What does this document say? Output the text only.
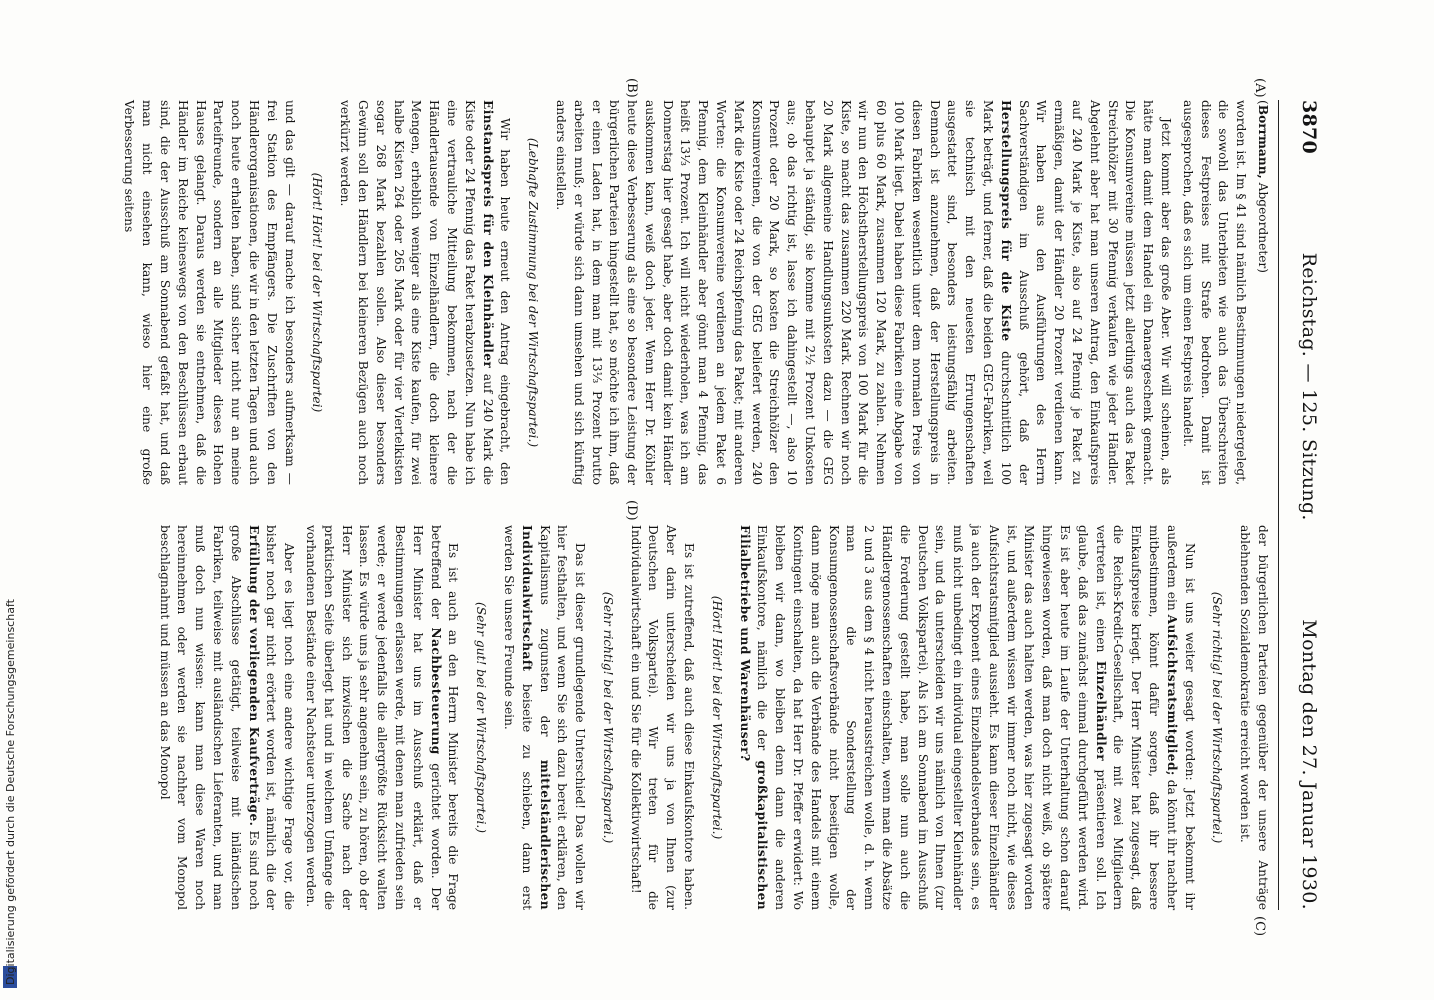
Digitalisierung gefördert durch die Deutsche Forschungsgemeinschaft
3870
Reichstag. — 125. Sitzung.
Montag den 27. Januar 1930.
(A)
(B)
(C)
(D)

(Borrmann, Abgeordneter)

worden ist. Im § 41 sind nämlich Bestimmungen niedergelegt, die sowohl das Unterbieten wie auch das Überschreiten dieses Festpreises mit Strafe bedrohen. Damit ist ausgesprochen, daß es sich um einen Festpreis handelt.

Jetzt kommt aber das große Aber. Wir will scheinen, als hätte man damit dem Handel ein Danaergeschenk gemacht. Die Konsumvereine müssen jetzt allerdings auch das Paket Streichhölzer mit 30 Pfennig verkaufen wie jeder Händler. Abgelehnt aber hat man unseren Antrag, den Einkaufspreis auf 240 Mark je Kiste, also auf 24 Pfennig je Paket zu ermäßigen, damit der Händler 20 Prozent verdienen kann. Wir haben aus den Ausführungen des Herrn Sachverständigen im Ausschuß gehört, daß der Herstellungspreis für die Kiste durchschnittlich 100 Mark beträgt, und ferner, daß die beiden GEG-Fabriken, weil sie technisch mit den neuesten Errungenschaften ausgestattet sind, besonders leistungsfähig arbeiten. Demnach ist anzunehmen, daß der Herstellungspreis in diesen Fabriken wesentlich unter dem normalen Preis von 100 Mark liegt. Dabei haben diese Fabriken eine Abgabe von 60 plus 60 Mark, zusammen 120 Mark, zu zahlen. Nehmen wir nun den Höchstherstellungspreis von 100 Mark für die Kiste, so macht das zusammen 220 Mark. Rechnen wir noch 20 Mark allgemeine Handlungsunkosten dazu — die GEG behauptet ja ständig, sie komme mit 2½ Prozent Unkosten aus; ob das richtig ist, lasse ich dahingestellt —, also 10 Prozent oder 20 Mark, so kosten die Streichhölzer den Konsumvereinen, die von der GEG beliefert werden, 240 Mark die Kiste oder 24 Reichspfennig das Paket; mit anderen Worten: die Konsumvereine verdienen an jedem Paket 6 Pfennig, dem Kleinhändler aber gönnt man 4 Pfennig, das heißt 13⅓ Prozent. Ich will nicht wiederholen, was ich am Donnerstag hier gesagt habe, aber doch damit kein Händler auskommen kann, weiß doch jeder. Wenn Herr Dr. Köhler heute diese Verbesserung als eine so besondere Leistung der bürgerlichen Parteien hingestellt hat, so möchte ich ihm, daß er einen Laden hat, in dem man mit 13⅓ Prozent brutto arbeiten muß; er würde sich dann umsehen und sich künftig anders einstellen.

(Lebhafte Zustimmung bei der Wirtschaftspartei.)

Wir haben heute erneut den Antrag eingebracht, den Einstandspreis für den Kleinhändler auf 240 Mark die Kiste oder 24 Pfennig das Paket herabzusetzen. Nun habe ich eine vertrauliche Mitteilung bekommen, nach der die Händlertausende von Einzelhändlern, die doch kleinere Mengen, erheblich weniger als eine Kiste kaufen, für zwei halbe Kisten 264 oder 265 Mark oder für vier Viertelkisten sogar 268 Mark bezahlen sollen. Also dieser besonders Gewinn soll den Händlern bei kleineren Bezügen auch noch verkürzt werden.

(Hört! Hört! bei der Wirtschaftspartei)

und das gilt — darauf mache ich besonders aufmerksam — frei Station des Empfängers. Die Zuschriften von den Händlerorganisationen, die wir in den letzten Tagen und auch noch heute erhalten haben, sind sicher nicht nur an meine Parteifreunde, sondern an alle Mitglieder dieses Hohen Hauses gelangt. Daraus werden sie entnehmen, daß die Händler im Reiche keineswegs von den Beschlüssen erbaut sind, die der Ausschuß am Sonnabend gefaßt hat, und daß man nicht einsehen kann, wieso hier eine große Verbesserung seitens

der bürgerlichen Parteien gegenüber der unsere Anträge ablehnenden Sozialdemokratie erreicht worden ist.

(Sehr richtig! bei der Wirtschaftspartei.)

Nun ist uns weiter gesagt worden: Jetzt bekommt ihr außerdem ein Aufsichtsratsmitglied; da könnt ihr nachher mitbestimmen, könnt dafür sorgen, daß ihr bessere Einkaufspreise kriegt. Der Herr Minister hat zugesagt, daß die Reichs-Kredit-Gesellschaft, die mit zwei Mitgliedern vertreten ist, einen Einzelhändler präsentieren soll. Ich glaube, daß das zunächst einmal durchgeführt werden wird. Es ist aber heute im Laufe der Unterhaltung schon darauf hingewiesen worden, daß man doch nicht weiß, ob spätere Minister das auch halten werden, was hier zugesagt worden ist, und außerdem wissen wir immer noch nicht, wie dieses Aufsichtsratsmitglied aussieht. Es kann dieser Einzelhändler ja auch der Exponent eines Einzelhandelsverbandes sein, es muß nicht unbedingt ein individual eingestellter Kleinhändler sein, und da unterscheiden wir uns nämlich von Ihnen (zur Deutschen Volkspartei). Als ich am Sonnabend im Ausschuß die Forderung gestellt habe, man solle nun auch die Händlergenossenschaften einschalten, wenn man die Absätze 2 und 3 aus dem § 4 nicht herausstreichen wolle, d. h. wenn man die Sonderstellung der Konsumgenossenschaftsverbände nicht beseitigen wolle, dann möge man auch die Verbände des Handels mit einem Kontingent einschalten, da hat Herr Dr. Pfeffer erwidert: Wo bleiben wir dann, wo bleiben denn dann die anderen Einkaufskontore, nämlich die der großkapitalistischen Filialbetriebe und Warenhäuser?

(Hört! Hört! bei der Wirtschaftspartei.)

Es ist zutreffend, daß auch diese Einkaufskontore haben. Aber darin unterscheiden wir uns ja von Ihnen (zur Deutschen Volkspartei). Wir treten für die Individualwirtschaft ein und Sie für die Kollektivwirtschaft!

(Sehr richtig! bei der Wirtschaftspartei.)

Das ist dieser grundlegende Unterschied! Das wollen wir hier festhalten, und wenn Sie sich dazu bereit erklären, den Kapitalismus zugunsten der mittelständlerischen Individualwirtschaft beiseite zu schieben, dann erst werden Sie unsere Freunde sein.

(Sehr gut! bei der Wirtschaftspartei.)

Es ist auch an den Herrn Minister bereits die Frage betreffend der Nachbesteuerung gerichtet worden. Der Herr Minister hat uns im Ausschuß erklärt, daß er Bestimmungen erlassen werde, mit denen man zufrieden sein werde; er werde jedenfalls die allergrößte Rücksicht walten lassen. Es würde uns ja sehr angenehm sein, zu hören, ob der Herr Minister sich inzwischen die Sache nach der praktischen Seite überlegt hat und in welchem Umfange die vorhandenen Bestände einer Nachsteuer unterzogen werden.

Aber es liegt noch eine andere wichtige Frage vor, die bisher noch gar nicht erörtert worden ist, nämlich die der Erfüllung der vorliegenden Kaufverträge. Es sind noch große Abschlüsse getätigt, teilweise mit inländischen Fabriken, teilweise mit ausländischen Lieferanten, und man muß doch nun wissen: kann man diese Waren noch hereinnehmen oder werden sie nachher vom Monopol beschlagnahmt und müssen an das Monopol
